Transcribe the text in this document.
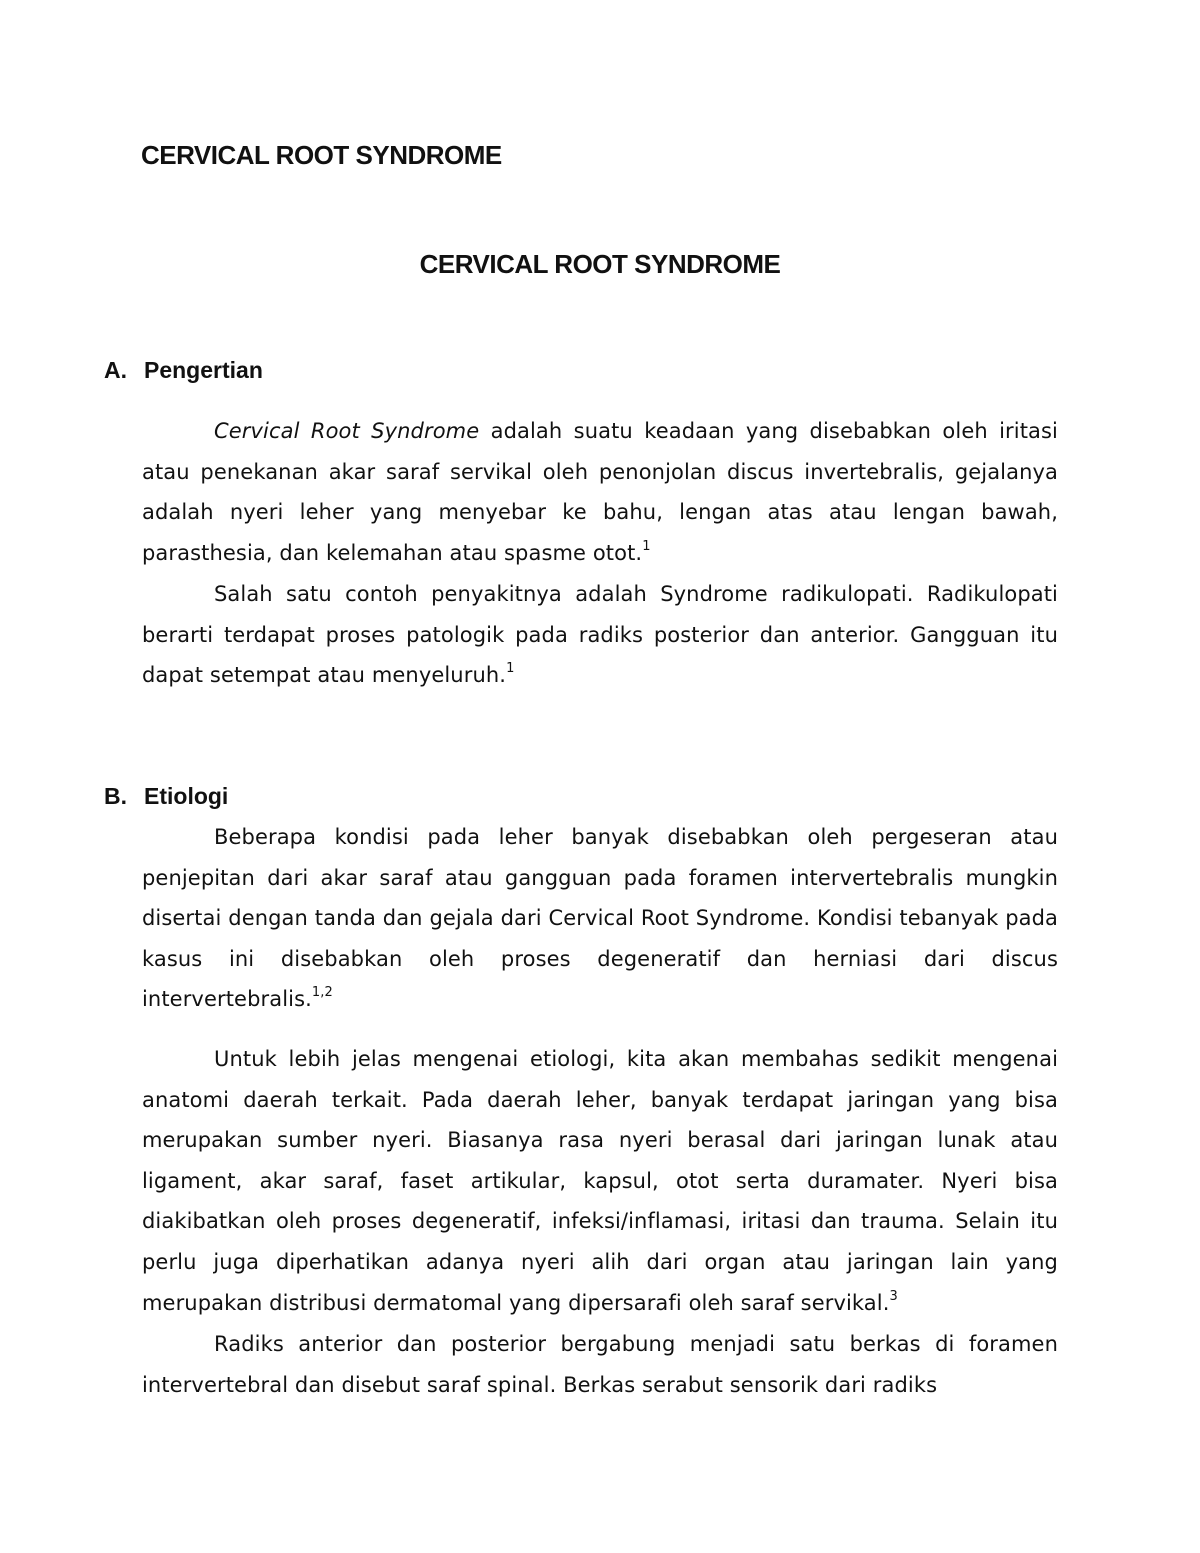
CERVICAL ROOT SYNDROME
CERVICAL ROOT SYNDROME
A. Pengertian

Cervical Root Syndrome adalah suatu keadaan yang disebabkan oleh iritasi atau penekanan akar saraf servikal oleh penonjolan discus invertebralis, gejalanya adalah nyeri leher yang menyebar ke bahu, lengan atas atau lengan bawah, parasthesia, dan kelemahan atau spasme otot.$^1$

Salah satu contoh penyakitnya adalah Syndrome radikulopati. Radikulopati berarti terdapat proses patologik pada radiks posterior dan anterior. Gangguan itu dapat setempat atau menyeluruh.$^1$

B. Etiologi

Beberapa kondisi pada leher banyak disebabkan oleh pergeseran atau penjepitan dari akar saraf atau gangguan pada foramen intervertebralis mungkin disertai dengan tanda dan gejala dari Cervical Root Syndrome. Kondisi tebanyak pada kasus ini disebabkan oleh proses degeneratif dan herniasi dari discus intervertebralis.$^{1,2}$

Untuk lebih jelas mengenai etiologi, kita akan membahas sedikit mengenai anatomi daerah terkait. Pada daerah leher, banyak terdapat jaringan yang bisa merupakan sumber nyeri. Biasanya rasa nyeri berasal dari jaringan lunak atau ligament, akar saraf, faset artikular, kapsul, otot serta duramater. Nyeri bisa diakibatkan oleh proses degeneratif, infeksi/inflamasi, iritasi dan trauma. Selain itu perlu juga diperhatikan adanya nyeri alih dari organ atau jaringan lain yang merupakan distribusi dermatomal yang dipersarafi oleh saraf servikal.$^3$

Radiks anterior dan posterior bergabung menjadi satu berkas di foramen intervertebral dan disebut saraf spinal. Berkas serabut sensorik dari radiks
